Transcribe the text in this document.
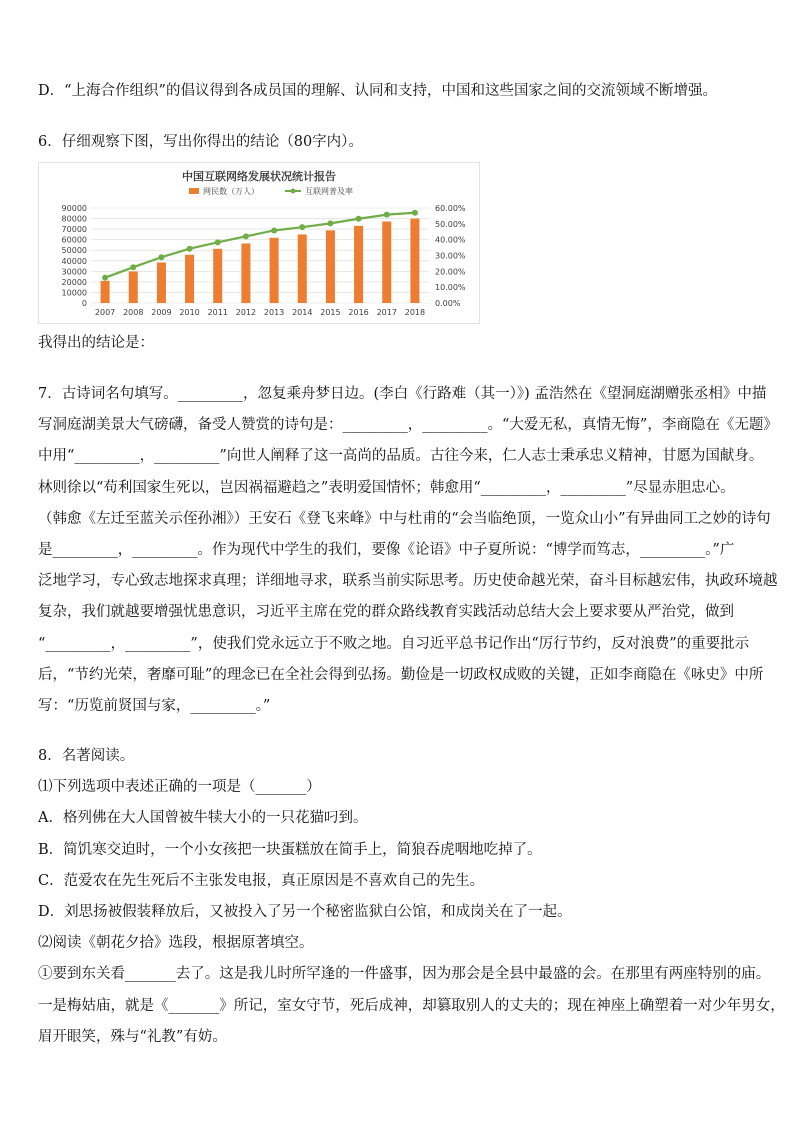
D．“上海合作组织”的倡议得到各成员国的理解、认同和支持，中国和这些国家之间的交流领域不断增强。
6．仔细观察下图，写出你得出的结论（80字内）。
中国互联网络发展状况统计报告
网民数（万人）	互联网普及率
90000
80000
70000
60000
50000
40000
30000
20000
10000
0
60.00%
50.00%
40.00%
30.00%
20.00%
10.00%
0.00%
2007 2008 2009 2010 2011 2012 2013 2014 2015 2016 2017 2018
我得出的结论是：
7．古诗词名句填写。_________，忽复乘舟梦日边。(李白《行路难（其一）》) 孟浩然在《望洞庭湖赠张丞相》中描
写洞庭湖美景大气磅礴，备受人赞赏的诗句是：_________，_________。“大爱无私，真情无悔”，李商隐在《无题》
中用“_________，_________”向世人阐释了这一高尚的品质。古往今来，仁人志士秉承忠义精神，甘愿为国献身。
林则徐以“苟利国家生死以，岂因祸福避趋之”表明爱国情怀；韩愈用“_________，_________”尽显赤胆忠心。
（韩愈《左迁至蓝关示侄孙湘》）王安石《登飞来峰》中与杜甫的“会当临绝顶，一览众山小”有异曲同工之妙的诗句
是_________，_________。作为现代中学生的我们，要像《论语》中子夏所说：“博学而笃志，_________。”广
泛地学习，专心致志地探求真理；详细地寻求，联系当前实际思考。历史使命越光荣，奋斗目标越宏伟，执政环境越
复杂，我们就越要增强忧患意识，习近平主席在党的群众路线教育实践活动总结大会上要求要从严治党，做到
“_________，_________”，使我们党永远立于不败之地。自习近平总书记作出“厉行节约，反对浪费”的重要批示
后，“节约光荣，奢靡可耻”的理念已在全社会得到弘扬。勤俭是一切政权成败的关键，正如李商隐在《咏史》中所
写：“历览前贤国与家，_________。”
8．名著阅读。
⑴下列选项中表述正确的一项是（_______）
A．格列佛在大人国曾被牛犊大小的一只花猫叼到。
B．简饥寒交迫时，一个小女孩把一块蛋糕放在简手上，简狼吞虎咽地吃掉了。
C．范爱农在先生死后不主张发电报，真正原因是不喜欢自己的先生。
D．刘思扬被假装释放后，又被投入了另一个秘密监狱白公馆，和成岗关在了一起。
⑵阅读《朝花夕拾》选段，根据原著填空。
①要到东关看_______去了。这是我儿时所罕逢的一件盛事，因为那会是全县中最盛的会。在那里有两座特别的庙。
一是梅姑庙，就是《_______》所记，室女守节，死后成神，却篡取别人的丈夫的；现在神座上确塑着一对少年男女，
眉开眼笑，殊与“礼教”有妨。
